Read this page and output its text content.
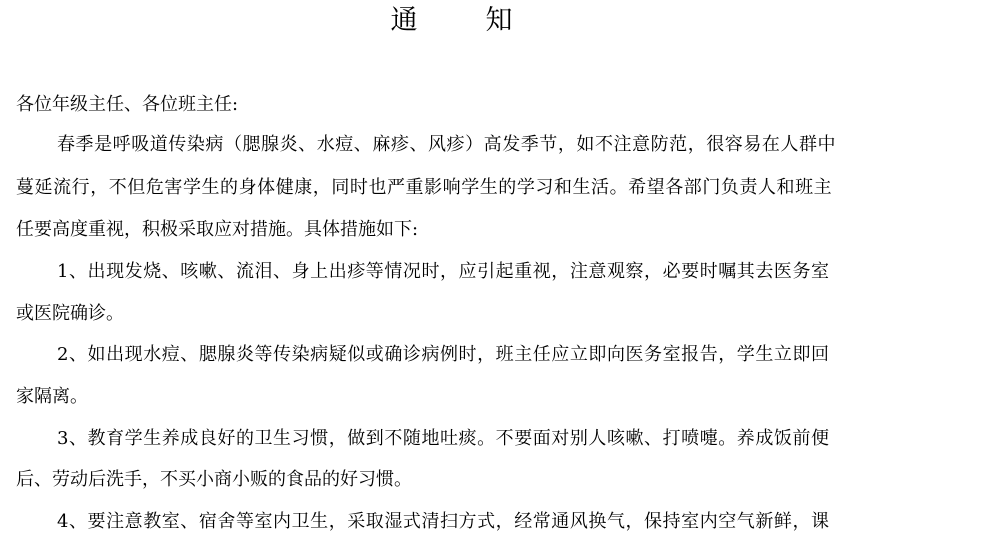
通	知
各位年级主任、各位班主任:
春季是呼吸道传染病（腮腺炎、水痘、麻疹、风疹）高发季节，如不注意防范，很容易在人群中
蔓延流行，不但危害学生的身体健康，同时也严重影响学生的学习和生活。希望各部门负责人和班主
任要高度重视，积极采取应对措施。具体措施如下:
1、出现发烧、咳嗽、流泪、身上出疹等情况时，应引起重视，注意观察，必要时嘱其去医务室
或医院确诊。
2、如出现水痘、腮腺炎等传染病疑似或确诊病例时，班主任应立即向医务室报告，学生立即回
家隔离。
3、教育学生养成良好的卫生习惯，做到不随地吐痰。不要面对别人咳嗽、打喷嚏。养成饭前便
后、劳动后洗手，不买小商小贩的食品的好习惯。
4、要注意教室、宿舍等室内卫生，采取湿式清扫方式，经常通风换气，保持室内空气新鲜，课
